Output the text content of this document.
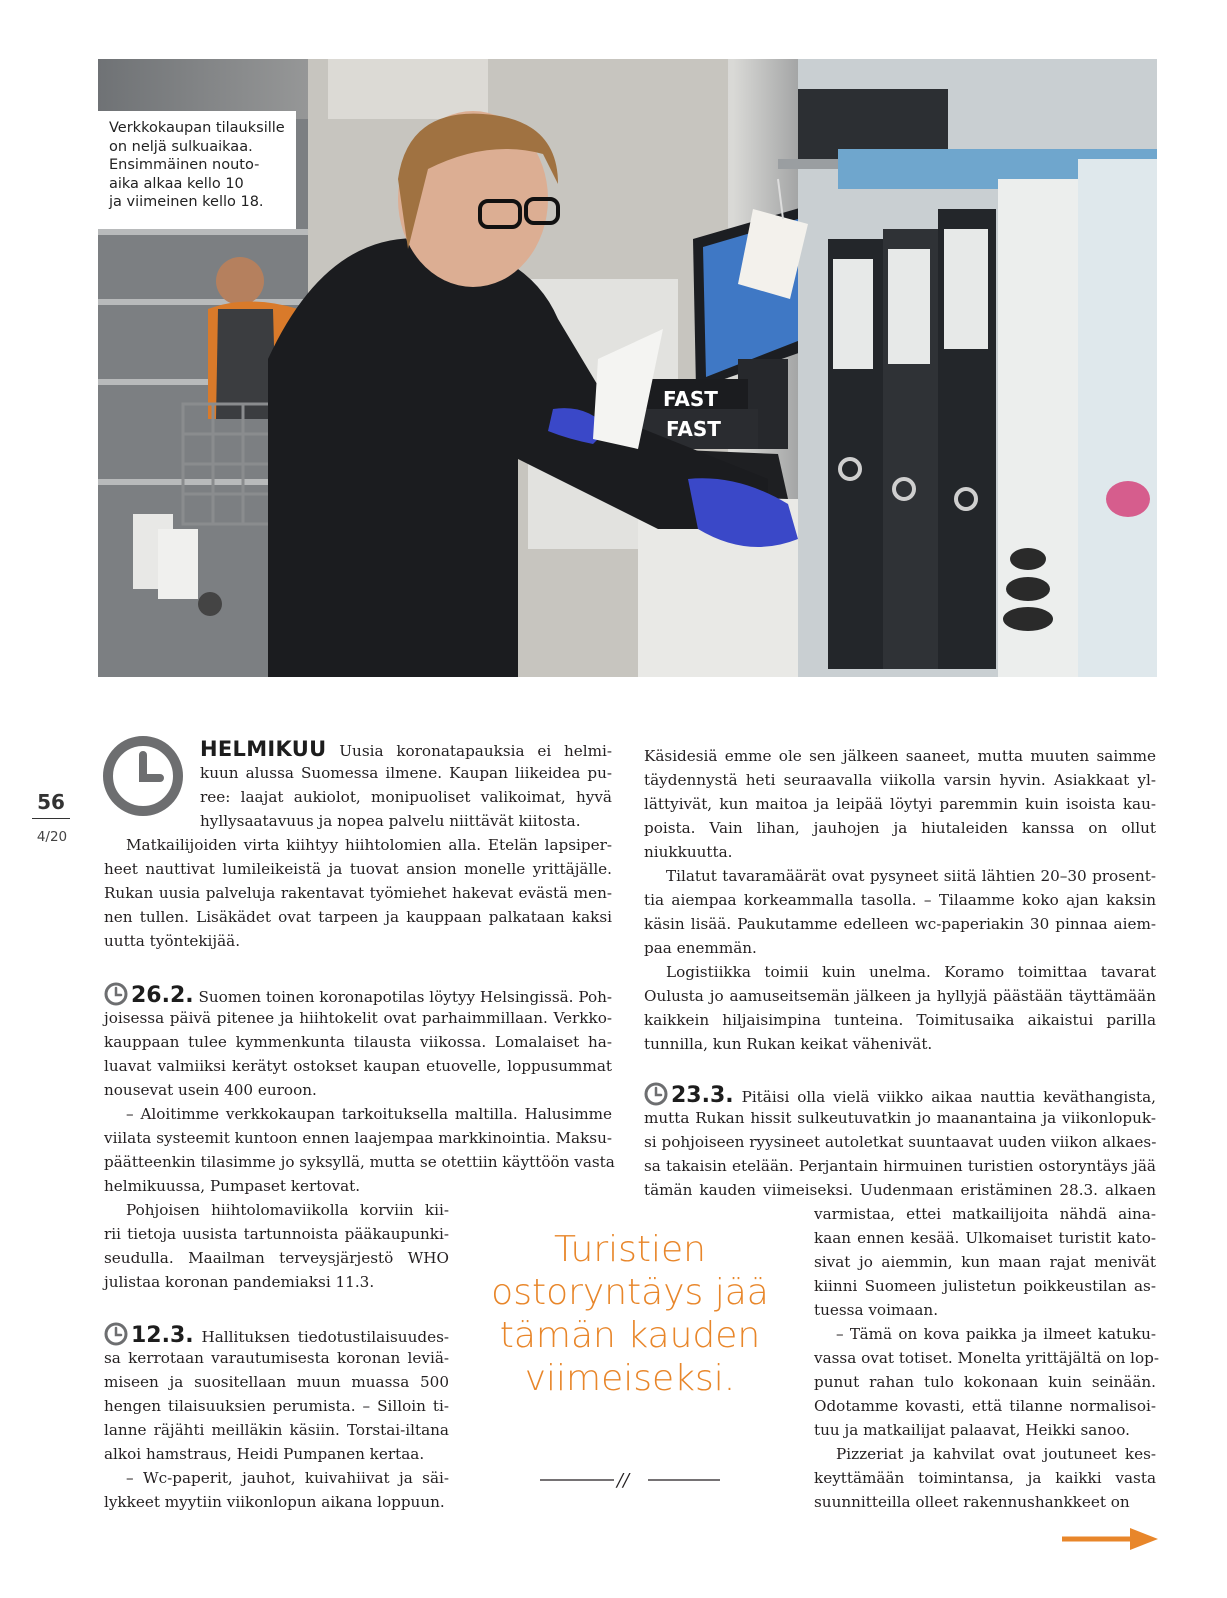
FAST
FAST
Verkkokaupan tilauksille
on neljä sulkuaikaa.
Ensimmäinen nouto-
aika alkaa kello 10
ja viimeinen kello 18.
56
4/20
HELMIKUU Uusia koronatapauksia ei helmi-
kuun alussa Suomessa ilmene. Kaupan liikeidea pu-
ree: laajat aukiolot, monipuoliset valikoimat, hyvä
hyllysaatavuus ja nopea palvelu niittävät kiitosta.
Matkailijoiden virta kiihtyy hiihtolomien alla. Etelän lapsiper-
heet nauttivat lumileikeistä ja tuovat ansion monelle yrittäjälle.
Rukan uusia palveluja rakentavat työmiehet hakevat evästä men-
nen tullen. Lisäkädet ovat tarpeen ja kauppaan palkataan kaksi
uutta työntekijää.
26.2. Suomen toinen koronapotilas löytyy Helsingissä. Poh-
joisessa päivä pitenee ja hiihtokelit ovat parhaimmillaan. Verkko-
kauppaan tulee kymmenkunta tilausta viikossa. Lomalaiset ha-
luavat valmiiksi kerätyt ostokset kaupan etuovelle, loppusummat
nousevat usein 400 euroon.
– Aloitimme verkkokaupan tarkoituksella maltilla. Halusimme
viilata systeemit kuntoon ennen laajempaa markkinointia. Maksu-
päätteenkin tilasimme jo syksyllä, mutta se otettiin käyttöön vasta
helmikuussa, Pumpaset kertovat.
Pohjoisen hiihtolomaviikolla korviin kii-
rii tietoja uusista tartunnoista pääkaupunki-
seudulla. Maailman terveysjärjestö WHO
julistaa koronan pandemiaksi 11.3.
12.3. Hallituksen tiedotustilaisuudes-
sa kerrotaan varautumisesta koronan leviä-
miseen ja suositellaan muun muassa 500
hengen tilaisuuksien perumista. – Silloin ti-
lanne räjähti meilläkin käsiin. Torstai-iltana
alkoi hamstraus, Heidi Pumpanen kertaa.
– Wc-paperit, jauhot, kuivahiivat ja säi-
lykkeet myytiin viikonlopun aikana loppuun.
Turistien
ostoryntäys jää
tämän kauden
viimeiseksi.
//
Käsidesiä emme ole sen jälkeen saaneet, mutta muuten saimme
täydennystä heti seuraavalla viikolla varsin hyvin. Asiakkaat yl-
lättyivät, kun maitoa ja leipää löytyi paremmin kuin isoista kau-
poista. Vain lihan, jauhojen ja hiutaleiden kanssa on ollut
niukkuutta.
Tilatut tavaramäärät ovat pysyneet siitä lähtien 20–30 prosent-
tia aiempaa korkeammalla tasolla. – Tilaamme koko ajan kaksin
käsin lisää. Paukutamme edelleen wc-paperiakin 30 pinnaa aiem-
paa enemmän.
Logistiikka toimii kuin unelma. Koramo toimittaa tavarat
Oulusta jo aamuseitsemän jälkeen ja hyllyjä päästään täyttämään
kaikkein hiljaisimpina tunteina. Toimitusaika aikaistui parilla
tunnilla, kun Rukan keikat vähenivät.
23.3. Pitäisi olla vielä viikko aikaa nauttia keväthangista,
mutta Rukan hissit sulkeutuvatkin jo maanantaina ja viikonlopuk-
si pohjoiseen ryysineet autoletkat suuntaavat uuden viikon alkaes-
sa takaisin etelään. Perjantain hirmuinen turistien ostoryntäys jää
tämän kauden viimeiseksi. Uudenmaan eristäminen 28.3. alkaen
varmistaa, ettei matkailijoita nähdä aina-
kaan ennen kesää. Ulkomaiset turistit kato-
sivat jo aiemmin, kun maan rajat menivät
kiinni Suomeen julistetun poikkeustilan as-
tuessa voimaan.
– Tämä on kova paikka ja ilmeet katuku-
vassa ovat totiset. Monelta yrittäjältä on lop-
punut rahan tulo kokonaan kuin seinään.
Odotamme kovasti, että tilanne normalisoi-
tuu ja matkailijat palaavat, Heikki sanoo.
Pizzeriat ja kahvilat ovat joutuneet kes-
keyttämään toimintansa, ja kaikki vasta
suunnitteilla olleet rakennushankkeet on
